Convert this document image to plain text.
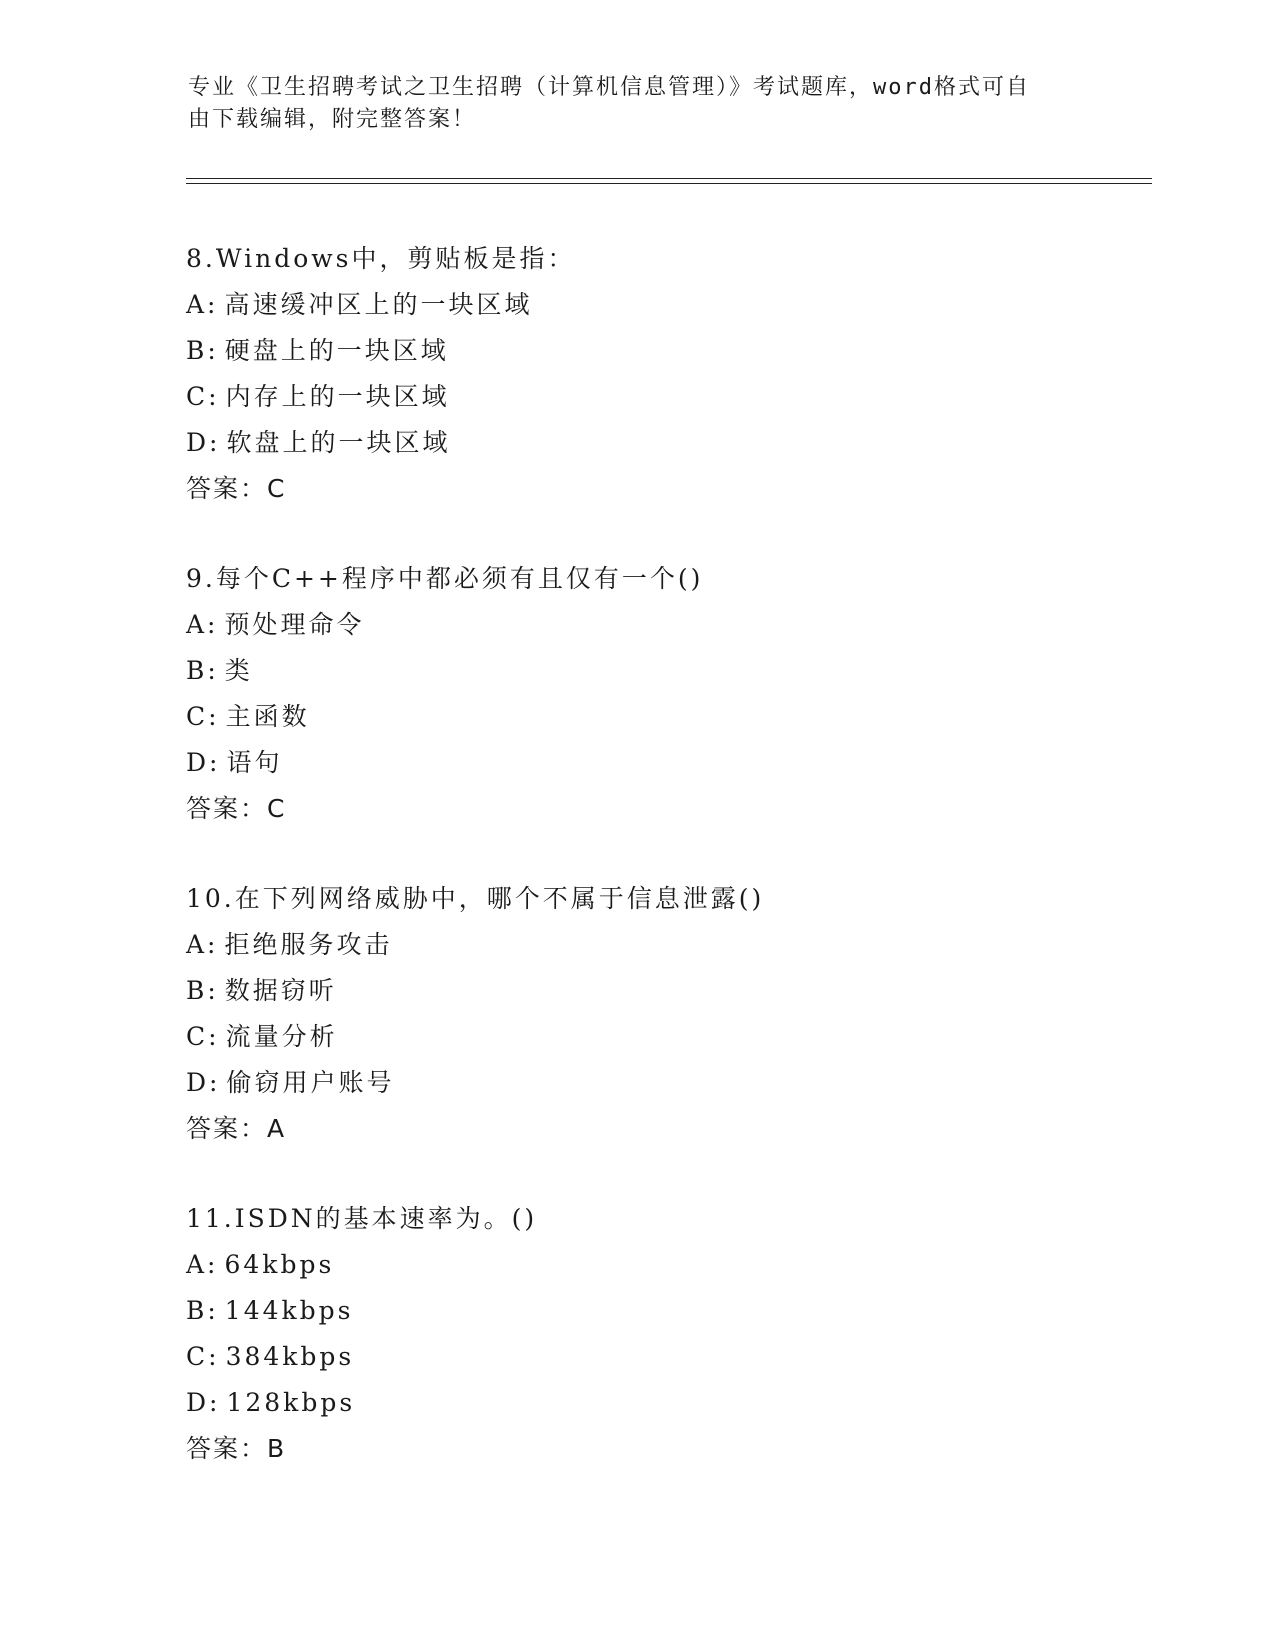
专业《卫生招聘考试之卫生招聘（计算机信息管理）》考试题库，word格式可自
由下载编辑，附完整答案！
8.Windows中，剪贴板是指：
A: 高速缓冲区上的一块区域
B: 硬盘上的一块区域
C: 内存上的一块区域
D: 软盘上的一块区域
答案：C
9.每个C++程序中都必须有且仅有一个()
A: 预处理命令
B: 类
C: 主函数
D: 语句
答案：C
10.在下列网络威胁中，哪个不属于信息泄露()
A: 拒绝服务攻击
B: 数据窃听
C: 流量分析
D: 偷窃用户账号
答案：A
11.ISDN的基本速率为。()
A: 64kbps
B: 144kbps
C: 384kbps
D: 128kbps
答案：B
